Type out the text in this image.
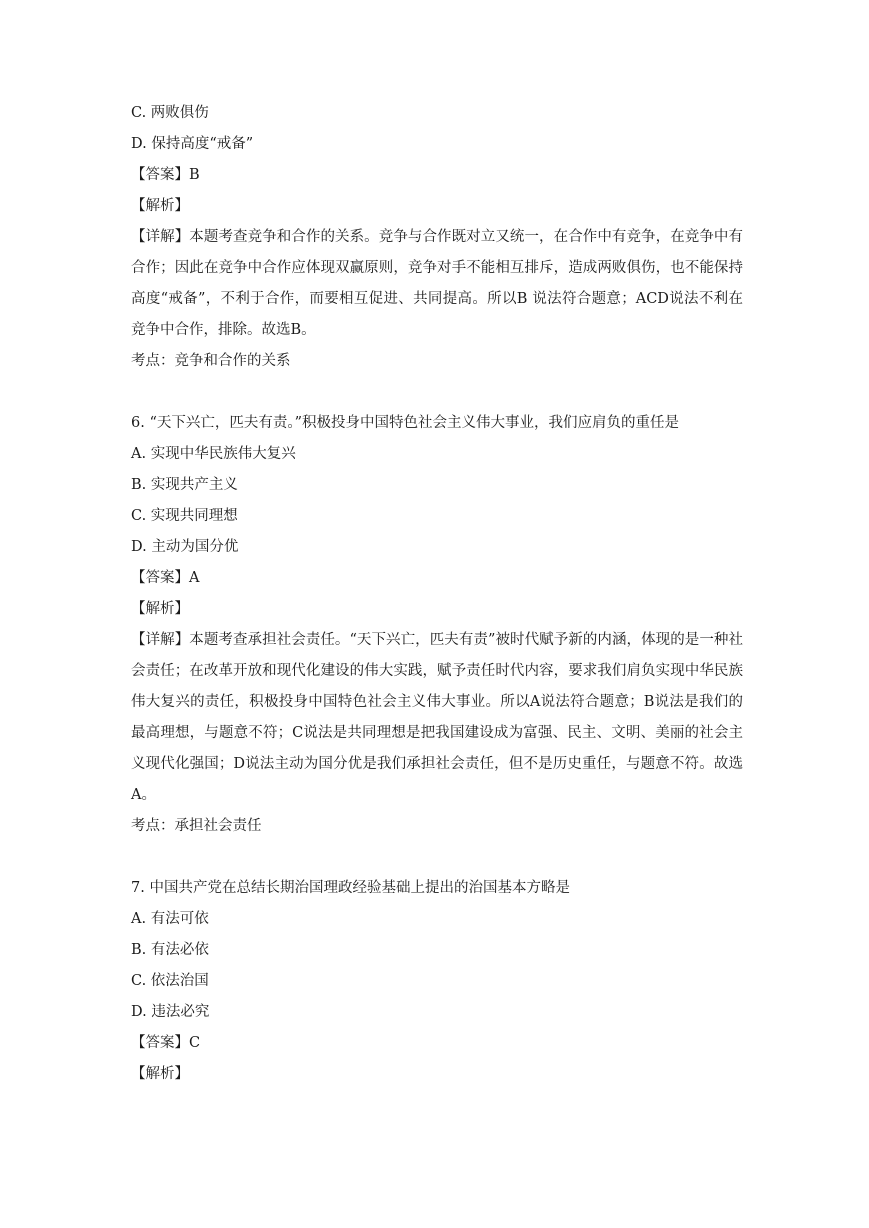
C. 两败俱伤

D. 保持高度“戒备”

【答案】B

【解析】

【详解】本题考查竞争和合作的关系。竞争与合作既对立又统一，在合作中有竞争，在竞争中有合作；因此在竞争中合作应体现双赢原则，竞争对手不能相互排斥，造成两败俱伤，也不能保持高度“戒备”，不利于合作，而要相互促进、共同提高。所以B 说法符合题意；ACD说法不利在竞争中合作，排除。故选B。

考点：竞争和合作的关系

6. “天下兴亡，匹夫有责。”积极投身中国特色社会主义伟大事业，我们应肩负的重任是

A. 实现中华民族伟大复兴

B. 实现共产主义

C. 实现共同理想

D. 主动为国分优

【答案】A

【解析】

【详解】本题考查承担社会责任。“天下兴亡，匹夫有责”被时代赋予新的内涵，体现的是一种社会责任；在改革开放和现代化建设的伟大实践，赋予责任时代内容，要求我们肩负实现中华民族伟大复兴的责任，积极投身中国特色社会主义伟大事业。所以A说法符合题意；B说法是我们的最高理想，与题意不符；C说法是共同理想是把我国建设成为富强、民主、文明、美丽的社会主义现代化强国；D说法主动为国分优是我们承担社会责任，但不是历史重任，与题意不符。故选A。

考点：承担社会责任

7. 中国共产党在总结长期治国理政经验基础上提出的治国基本方略是

A. 有法可依

B. 有法必依

C. 依法治国

D. 违法必究

【答案】C

【解析】
